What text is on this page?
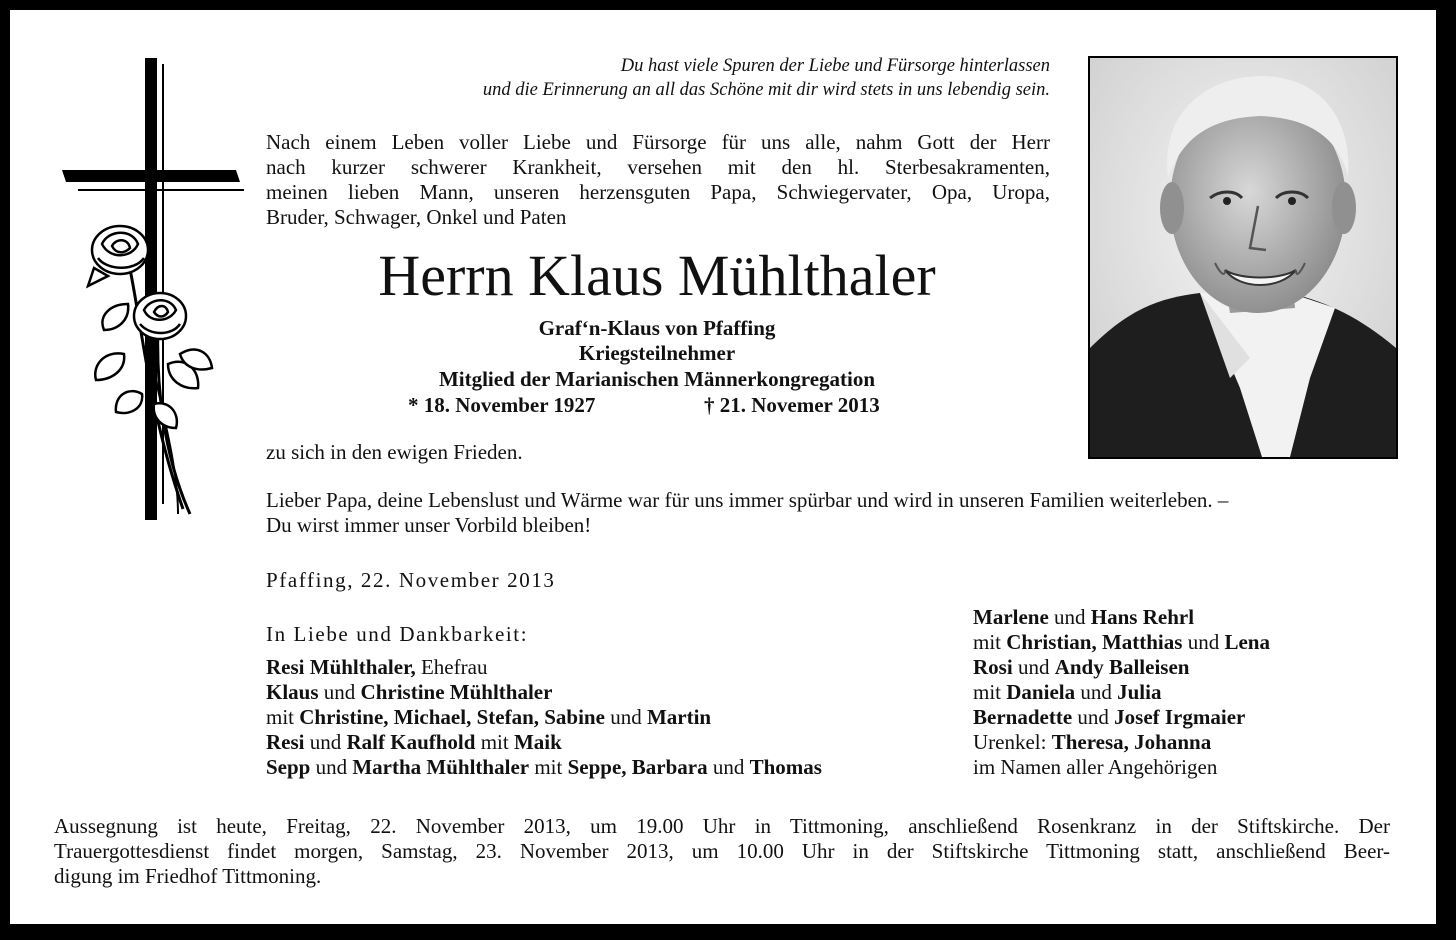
Du hast viele Spuren der Liebe und Fürsorge hinterlassen
und die Erinnerung an all das Schöne mit dir wird stets in uns lebendig sein.
Nach einem Leben voller Liebe und Fürsorge für uns alle, nahm Gott der Herr
nach kurzer schwerer Krankheit, versehen mit den hl. Sterbesakramenten,
meinen lieben Mann, unseren herzensguten Papa, Schwiegervater, Opa, Uropa,
Bruder, Schwager, Onkel und Paten
Herrn Klaus Mühlthaler
Graf‘n-Klaus von Pfaffing
Kriegsteilnehmer
Mitglied der Marianischen Männerkongregation
* 18. November 1927	† 21. Novemer 2013
zu sich in den ewigen Frieden.
Lieber Papa, deine Lebenslust und Wärme war für uns immer spürbar und wird in unseren Familien weiterleben. –
Du wirst immer unser Vorbild bleiben!
Pfaffing, 22. November 2013
In Liebe und Dankbarkeit:
Resi Mühlthaler, Ehefrau
Klaus und Christine Mühlthaler
mit Christine, Michael, Stefan, Sabine und Martin
Resi und Ralf Kaufhold mit Maik
Sepp und Martha Mühlthaler mit Seppe, Barbara und Thomas
Marlene und Hans Rehrl
mit Christian, Matthias und Lena
Rosi und Andy Balleisen
mit Daniela und Julia
Bernadette und Josef Irgmaier
Urenkel: Theresa, Johanna
im Namen aller Angehörigen
Aussegnung ist heute, Freitag, 22. November 2013, um 19.00 Uhr in Tittmoning, anschließend Rosenkranz in der Stiftskirche. Der
Trauergottesdienst findet morgen, Samstag, 23. November 2013, um 10.00 Uhr in der Stiftskirche Tittmoning statt, anschließend Beer-
digung im Friedhof Tittmoning.
